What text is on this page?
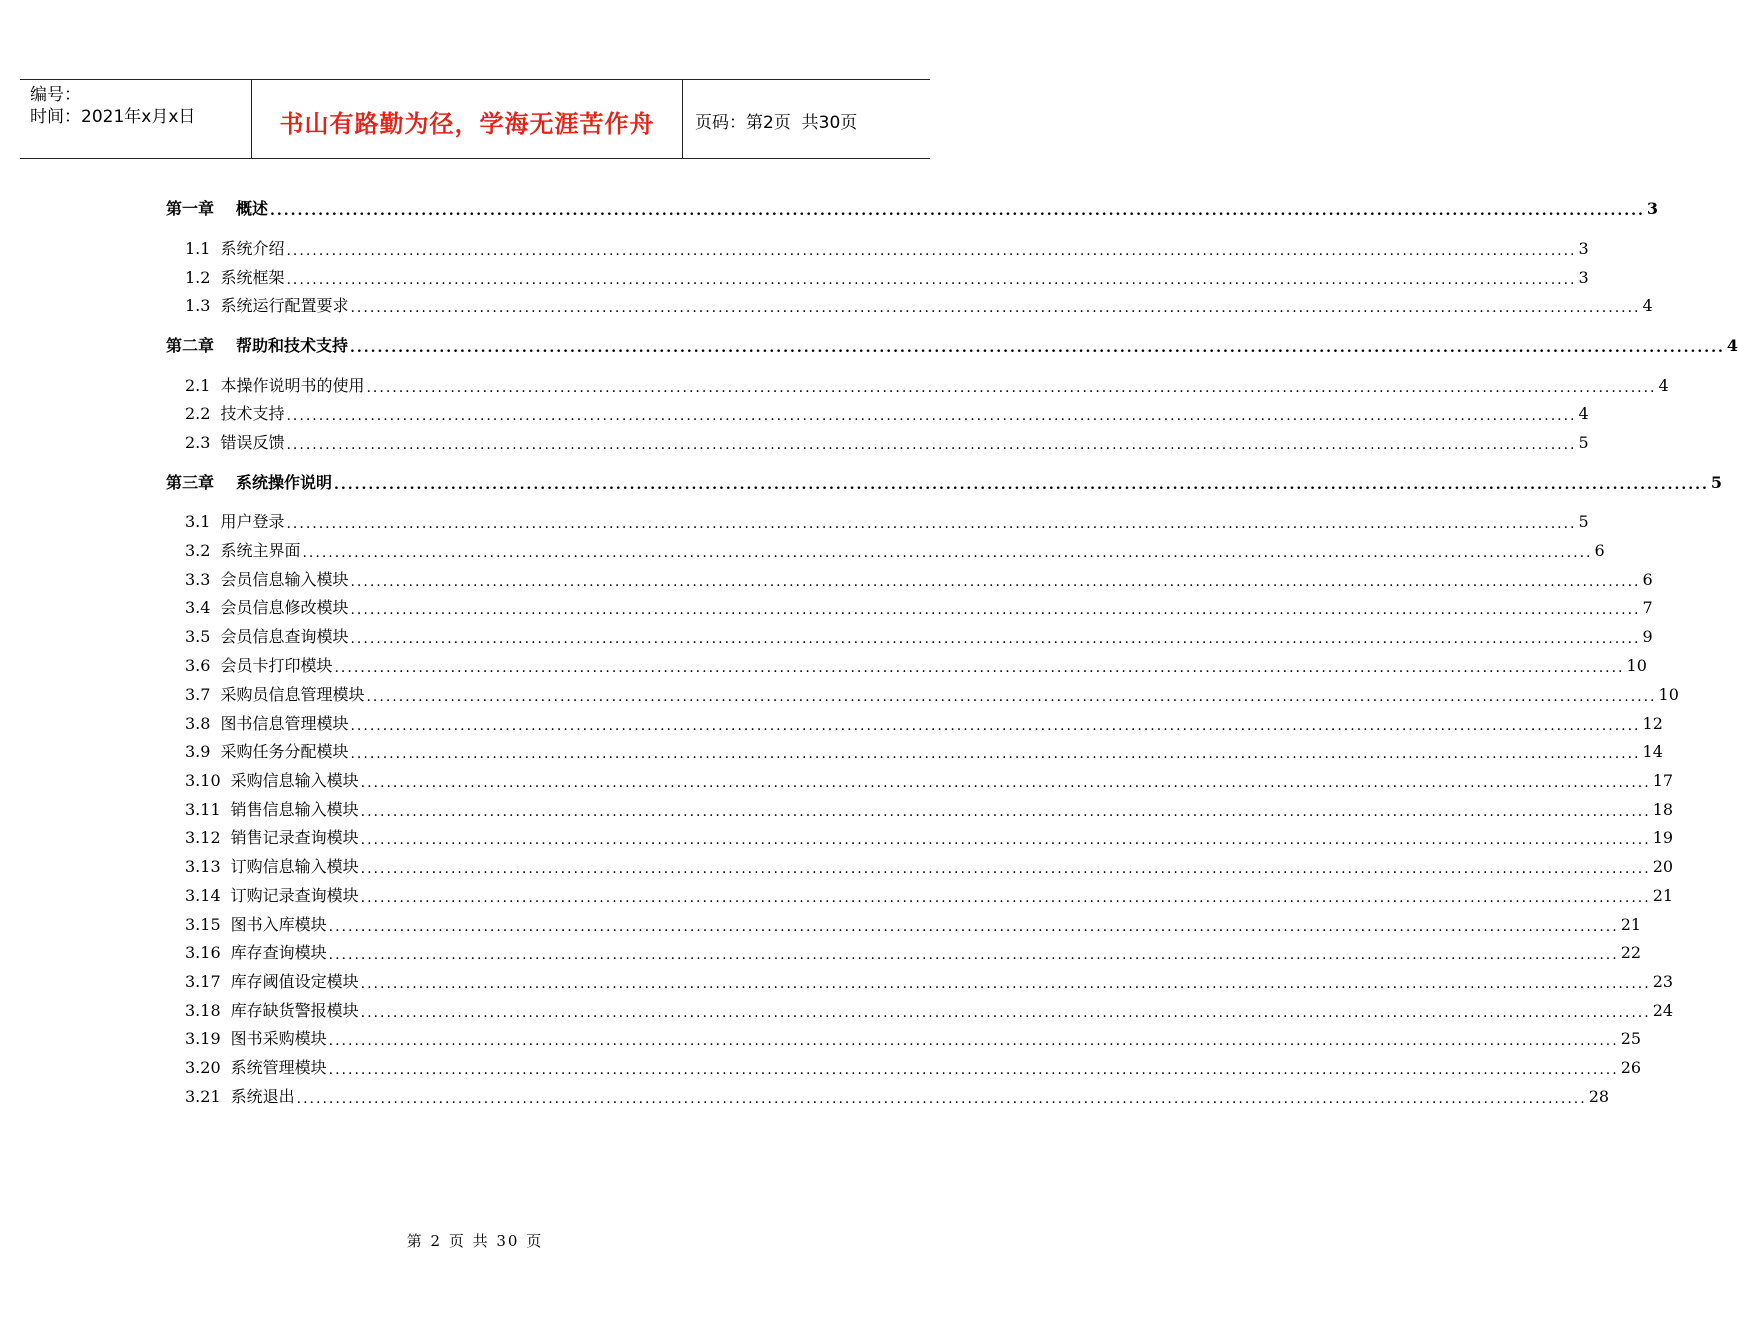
编号：
时间：2021年x月x日	书山有路勤为径，学海无涯苦作舟	页码：第2页  共30页
第一章 概述 ........................................................................................................................................................................................................ 3
1.1 系统介绍 ........................................................................................................................................................................................................ 3
1.2 系统框架 ........................................................................................................................................................................................................ 3
1.3 系统运行配置要求 ........................................................................................................................................................................................................ 4
第二章 帮助和技术支持 ........................................................................................................................................................................................................ 4
2.1 本操作说明书的使用 ........................................................................................................................................................................................................ 4
2.2 技术支持 ........................................................................................................................................................................................................ 4
2.3 错误反馈 ........................................................................................................................................................................................................ 5
第三章 系统操作说明 ........................................................................................................................................................................................................ 5
3.1 用户登录 ........................................................................................................................................................................................................ 5
3.2 系统主界面 ........................................................................................................................................................................................................ 6
3.3 会员信息输入模块 ........................................................................................................................................................................................................ 6
3.4 会员信息修改模块 ........................................................................................................................................................................................................ 7
3.5 会员信息查询模块 ........................................................................................................................................................................................................ 9
3.6 会员卡打印模块 ........................................................................................................................................................................................................ 10
3.7 采购员信息管理模块 ........................................................................................................................................................................................................ 10
3.8 图书信息管理模块 ........................................................................................................................................................................................................ 12
3.9 采购任务分配模块 ........................................................................................................................................................................................................ 14
3.10 采购信息输入模块 ........................................................................................................................................................................................................ 17
3.11 销售信息输入模块 ........................................................................................................................................................................................................ 18
3.12 销售记录查询模块 ........................................................................................................................................................................................................ 19
3.13 订购信息输入模块 ........................................................................................................................................................................................................ 20
3.14 订购记录查询模块 ........................................................................................................................................................................................................ 21
3.15 图书入库模块 ........................................................................................................................................................................................................ 21
3.16 库存查询模块 ........................................................................................................................................................................................................ 22
3.17 库存阈值设定模块 ........................................................................................................................................................................................................ 23
3.18 库存缺货警报模块 ........................................................................................................................................................................................................ 24
3.19 图书采购模块 ........................................................................................................................................................................................................ 25
3.20 系统管理模块 ........................................................................................................................................................................................................ 26
3.21 系统退出 ........................................................................................................................................................................................................ 28
第 2 页 共 30 页
